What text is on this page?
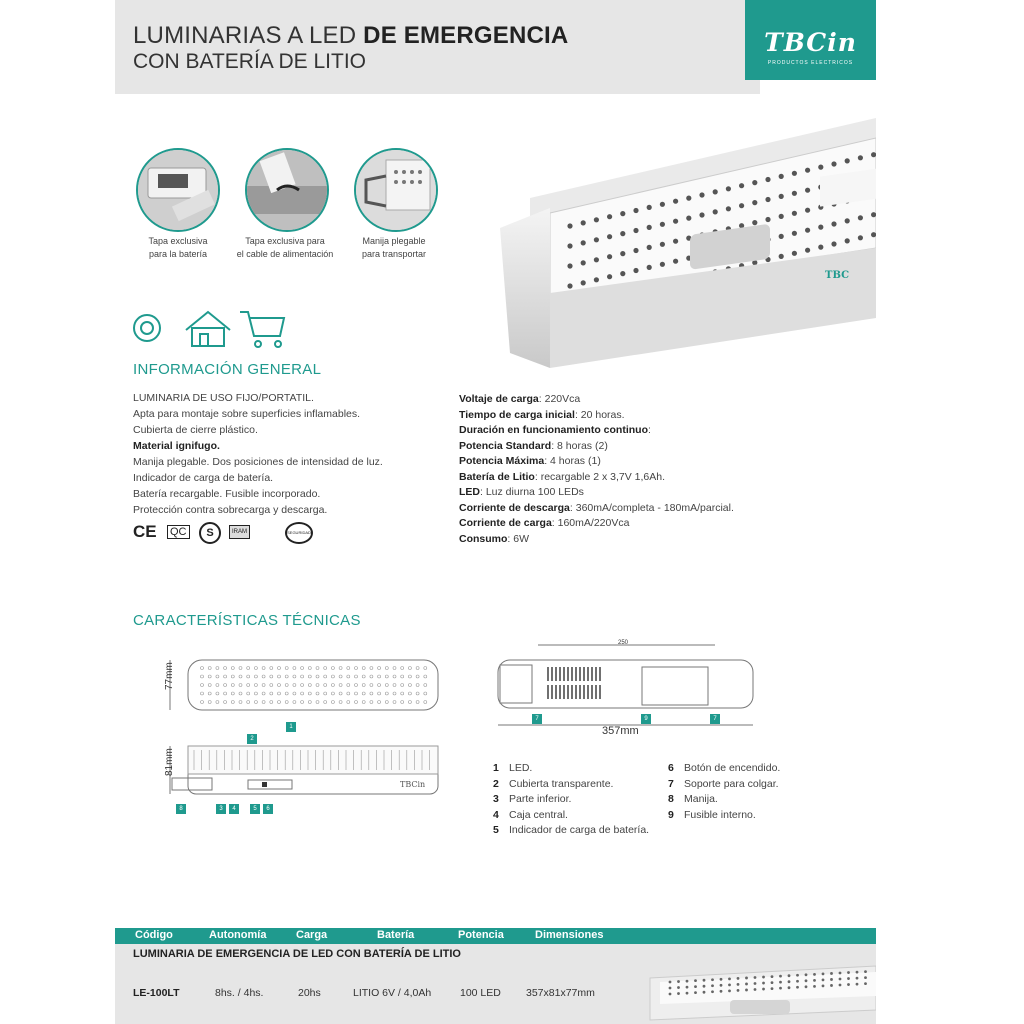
LUMINARIAS A LED DE EMERGENCIA
CON BATERÍA DE LITIO
TBCin
PRODUCTOS ELECTRICOS
Tapa exclusiva
para la batería
Tapa exclusiva para
el cable de alimentación
Manija plegable
para transportar
TBC
INFORMACIÓN GENERAL
LUMINARIA DE USO FIJO/PORTATIL.
Apta para montaje sobre superficies inflamables.
Cubierta de cierre plástico.
Material ignifugo.
Manija plegable. Dos posiciones de intensidad de luz.
Indicador de carga de batería.
Batería recargable. Fusible incorporado.
Protección contra sobrecarga y descarga.
CE QC	S	IRAM	SEGURIDAD
Voltaje de carga: 220Vca
Tiempo de carga inicial: 20 horas.
Duración en funcionamiento continuo:
Potencia Standard: 8 horas (2)
Potencia Máxima: 4 horas (1)
Batería de Litio: recargable 2 x 3,7V 1,6Ah.
LED: Luz diurna 100 LEDs
Corriente de descarga: 360mA/completa - 180mA/parcial.
Corriente de carga: 160mA/220Vca
Consumo: 6W
CARACTERÍSTICAS TÉCNICAS
77mm
81mm
TBCin
1
2
8	3	4	5	6
250
357mm
7	9	7
1 LED.
2 Cubierta transparente.
3 Parte inferior.
4 Caja central.
5 Indicador de carga de batería.
6 Botón de encendido.
7 Soporte para colgar.
8 Manija.
9 Fusible interno.
Código	Autonomía	Carga	Batería	Potencia	Dimensiones
LUMINARIA DE EMERGENCIA DE LED CON BATERÍA DE LITIO
LE-100LT	8hs. / 4hs.	20hs	LITIO 6V / 4,0Ah	100 LED 357x81x77mm
